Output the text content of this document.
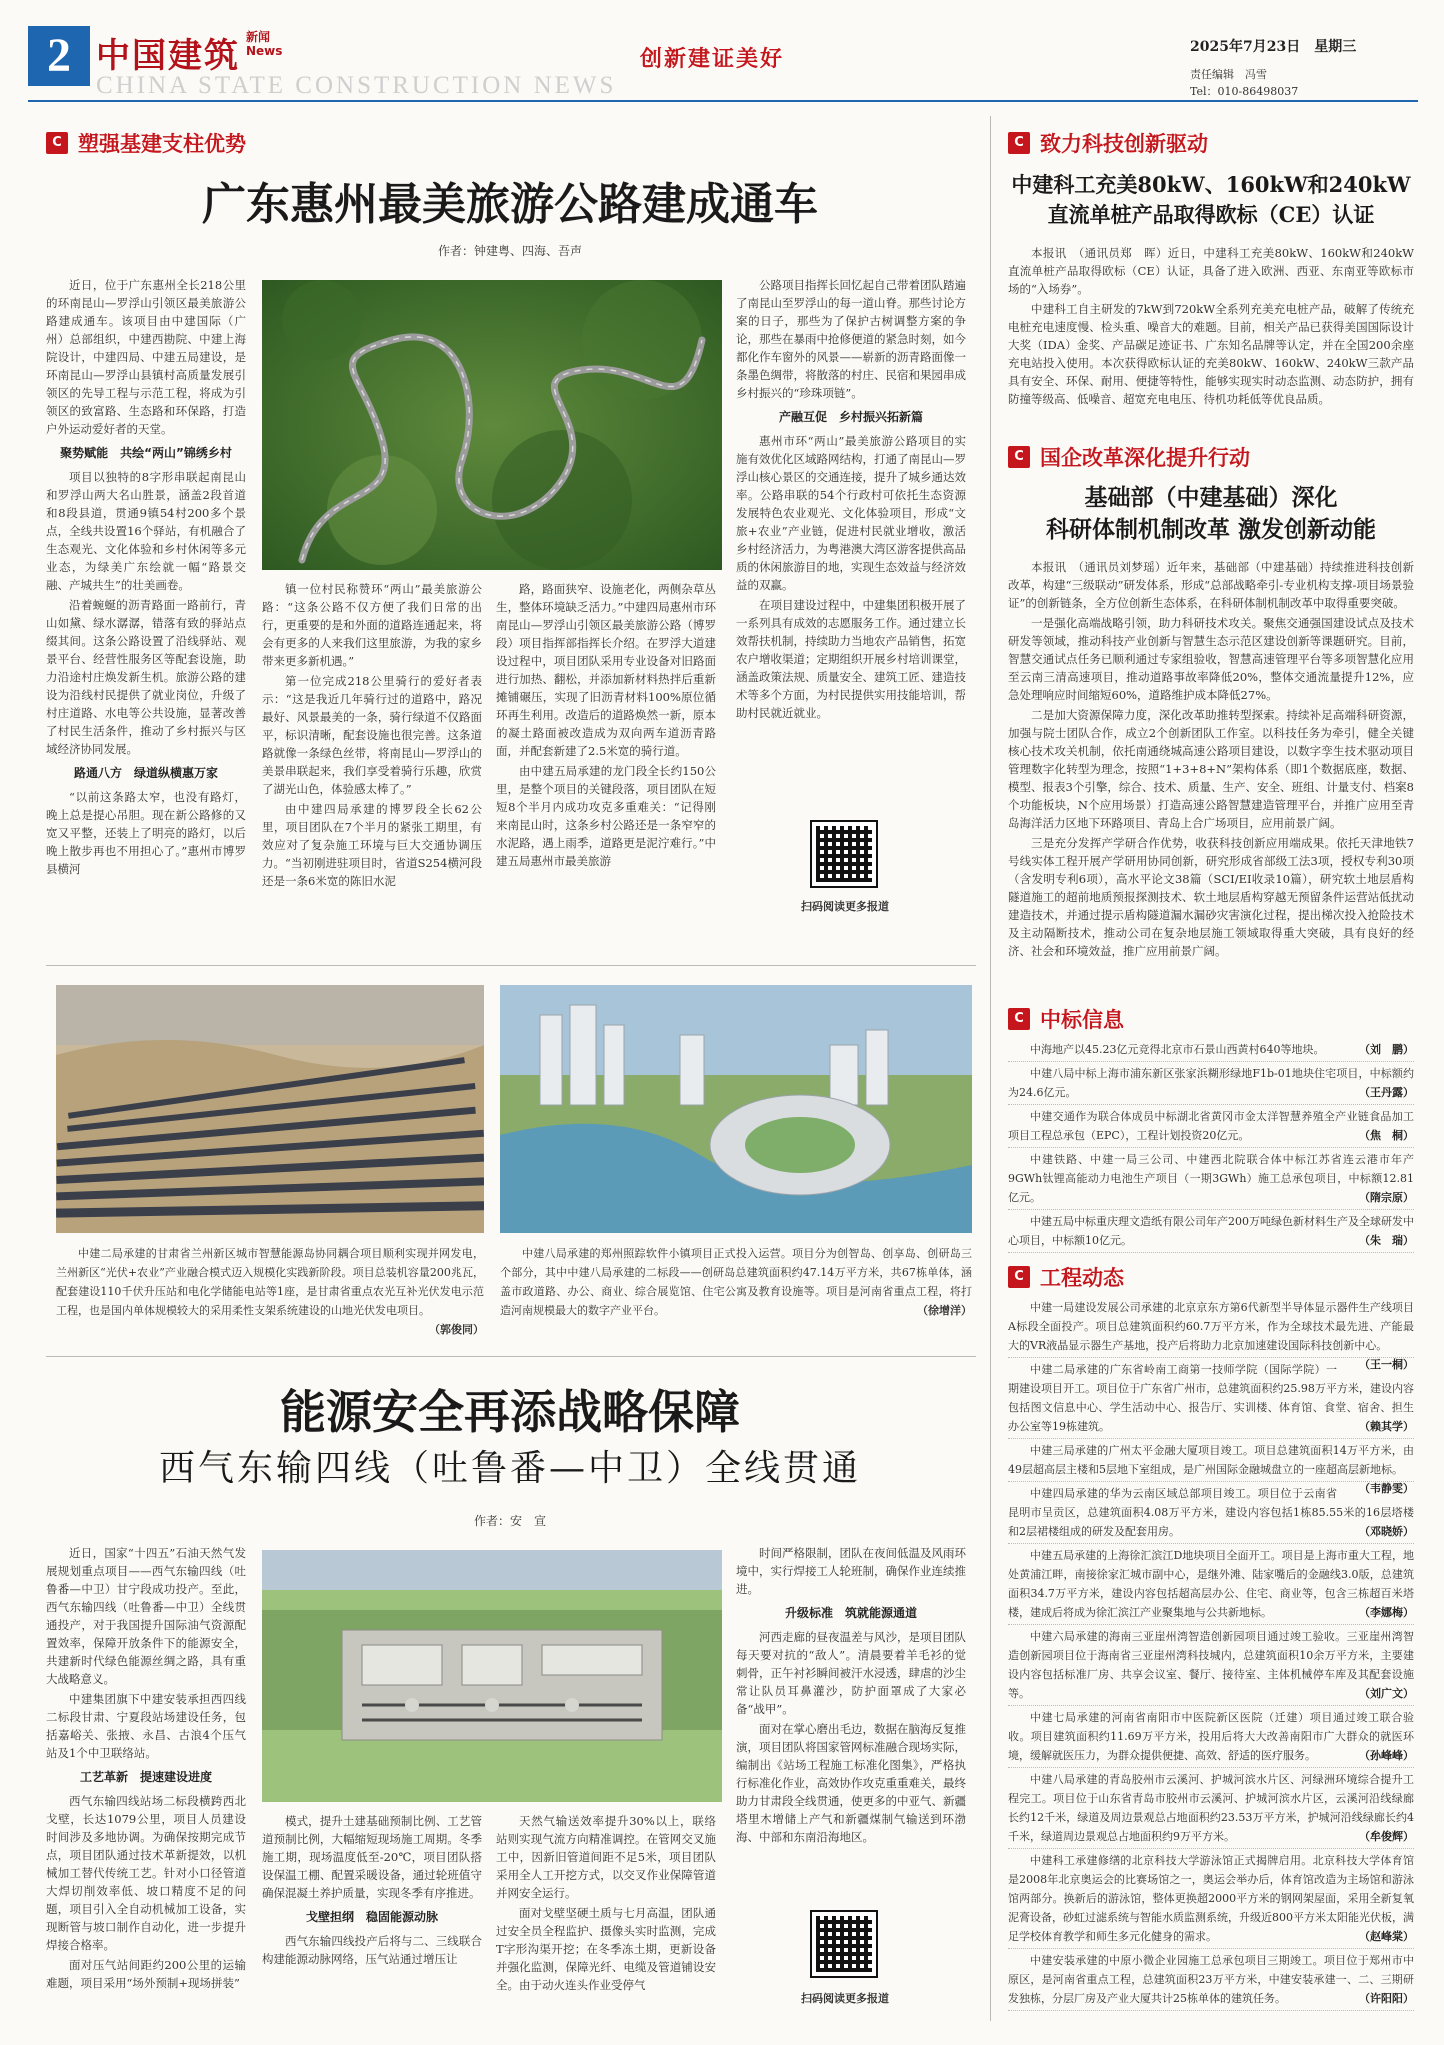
2 中国建筑 新闻 News
CHINA STATE CONSTRUCTION NEWS
创新建证美好	2025年7月23日　星期三
责任编辑　冯雪
Tel：010-86498037
C 塑强基建支柱优势
广东惠州最美旅游公路建成通车
作者：钟建粤、四海、吾声

近日，位于广东惠州全长218公里的环南昆山—罗浮山引领区最美旅游公路建成通车。该项目由中建国际（广州）总部组织，中建西勘院、中建上海院设计，中建四局、中建五局建设，是环南昆山—罗浮山县镇村高质量发展引领区的先导工程与示范工程，将成为引领区的致富路、生态路和环保路，打造户外运动爱好者的天堂。

聚势赋能　共绘“两山”锦绣乡村

项目以独特的8字形串联起南昆山和罗浮山两大名山胜景，涵盖2段首道和8段县道，贯通9镇54村200多个景点，全线共设置16个驿站，有机融合了生态观光、文化体验和乡村休闲等多元业态，为绿美广东绘就一幅“路景交融、产城共生”的壮美画卷。

沿着蜿蜒的沥青路面一路前行，青山如黛、绿水潺潺，错落有致的驿站点缀其间。这条公路设置了沿线驿站、观景平台、经营性服务区等配套设施，助力沿途村庄焕发新生机。旅游公路的建设为沿线村民提供了就业岗位，升级了村庄道路、水电等公共设施，显著改善了村民生活条件，推动了乡村振兴与区域经济协同发展。

路通八方　绿道纵横惠万家

“以前这条路太窄，也没有路灯，晚上总是提心吊胆。现在新公路修的又宽又平整，还装上了明亮的路灯，以后晚上散步再也不用担心了。”惠州市博罗县横河

镇一位村民称赞环“两山”最美旅游公路：“这条公路不仅方便了我们日常的出行，更重要的是和外面的道路连通起来，将会有更多的人来我们这里旅游，为我的家乡带来更多新机遇。”

第一位完成218公里骑行的爱好者表示：“这是我近几年骑行过的道路中，路况最好、风景最美的一条，骑行绿道不仅路面平，标识清晰，配套设施也很完善。这条道路就像一条绿色丝带，将南昆山—罗浮山的美景串联起来，我们享受着骑行乐趣，欣赏了湖光山色，体验感太棒了。”

由中建四局承建的博罗段全长62公里，项目团队在7个半月的紧张工期里，有效应对了复杂施工环境与巨大交通协调压力。“当初刚进驻项目时，省道S254横河段还是一条6米宽的陈旧水泥

路，路面狭窄、设施老化，两侧杂草丛生，整体环境缺乏活力。”中建四局惠州市环南昆山—罗浮山引领区最美旅游公路（博罗段）项目指挥部指挥长介绍。在罗浮大道建设过程中，项目团队采用专业设备对旧路面进行加热、翻松，并添加新材料热拌后重新摊铺碾压，实现了旧沥青材料100%原位循环再生利用。改造后的道路焕然一新，原本的凝土路面被改造成为双向两车道沥青路面，并配套新建了2.5米宽的骑行道。

由中建五局承建的龙门段全长约150公里，是整个项目的关键段落，项目团队在短短8个半月内成功攻克多重难关：“记得刚来南昆山时，这条乡村公路还是一条窄窄的水泥路，遇上雨季，道路更是泥泞难行。”中建五局惠州市最美旅游

公路项目指挥长回忆起自己带着团队踏遍了南昆山至罗浮山的每一道山脊。那些讨论方案的日子，那些为了保护古树调整方案的争论，那些在暴雨中抢修便道的紧急时刻，如今都化作车窗外的风景——崭新的沥青路面像一条墨色绸带，将散落的村庄、民宿和果园串成乡村振兴的“珍珠项链”。

产融互促　乡村振兴拓新篇

惠州市环“两山”最美旅游公路项目的实施有效优化区域路网结构，打通了南昆山—罗浮山核心景区的交通连接，提升了城乡通达效率。公路串联的54个行政村可依托生态资源发展特色农业观光、文化体验项目，形成“文旅+农业”产业链，促进村民就业增收，激活乡村经济活力，为粤港澳大湾区游客提供高品质的休闲旅游目的地，实现生态效益与经济效益的双赢。

在项目建设过程中，中建集团积极开展了一系列具有成效的志愿服务工作。通过建立长效帮扶机制，持续助力当地农产品销售，拓宽农户增收渠道；定期组织开展乡村培训课堂，涵盖政策法规、质量安全、建筑工匠、建造技术等多个方面，为村民提供实用技能培训，帮助村民就近就业。

扫码阅读更多报道

中建二局承建的甘肃省兰州新区城市智慧能源岛协同耦合项目顺利实现并网发电，兰州新区“光伏+农业”产业融合模式迈入规模化实践新阶段。项目总装机容量200兆瓦，配套建设110千伏升压站和电化学储能电站等1座，是甘肃省重点农光互补光伏发电示范工程，也是国内单体规模较大的采用柔性支架系统建设的山地光伏发电项目。
（郭俊同）

中建八局承建的郑州照踪软件小镇项目正式投入运营。项目分为创智岛、创享岛、创研岛三个部分，其中中建八局承建的二标段——创研岛总建筑面积约47.14万平方米，共67栋单体，涵盖市政道路、办公、商业、综合展览馆、住宅公寓及教育设施等。项目是河南省重点工程，将打造河南规模最大的数字产业平台。	（徐增洋）

能源安全再添战略保障
西气东输四线（吐鲁番—中卫）全线贯通
作者：安　宣

近日，国家“十四五”石油天然气发展规划重点项目——西气东输四线（吐鲁番—中卫）甘宁段成功投产。至此，西气东输四线（吐鲁番—中卫）全线贯通投产，对于我国提升国际油气资源配置效率，保障开放条件下的能源安全，共建新时代绿色能源丝绸之路，具有重大战略意义。

中建集团旗下中建安装承担西四线二标段甘肃、宁夏段站场建设任务，包括嘉峪关、张掖、永昌、古浪4个压气站及1个中卫联络站。

工艺革新　提速建设进度

西气东输四线站场二标段横跨西北戈壁，长达1079公里，项目人员建设时间涉及多地协调。为确保按期完成节点，项目团队通过技术革新提效，以机械加工替代传统工艺。针对小口径管道大焊切削效率低、坡口精度不足的问题，项目引入全自动机械加工设备，实现断管与坡口制作自动化，进一步提升焊接合格率。

面对压气站间距约200公里的运输难题，项目采用“场外预制+现场拼装”

模式，提升土建基础预制比例、工艺管道预制比例，大幅缩短现场施工周期。冬季施工期，现场温度低至-20℃，项目团队搭设保温工棚、配置采暖设备，通过轮班值守确保混凝土养护质量，实现冬季有序推进。

戈壁担纲　稳固能源动脉

西气东输四线投产后将与二、三线联合构建能源动脉网络，压气站通过增压让

天然气输送效率提升30%以上，联络站则实现气流方向精准调控。在管网交叉施工中，因新旧管道间距不足5米，项目团队采用全人工开挖方式，以交叉作业保障管道并网安全运行。

面对戈壁坚硬土质与七月高温，团队通过安全员全程监护、摄像头实时监测，完成T字形沟渠开挖；在冬季冻土期，更新设备并强化监测，保障光纤、电缆及管道铺设安全。由于动火连头作业受停气

时间严格限制，团队在夜间低温及风雨环境中，实行焊接工人轮班制，确保作业连续推进。

升级标准　筑就能源通道

河西走廊的昼夜温差与风沙，是项目团队每天要对抗的“敌人”。清晨要着羊毛衫的觉刺骨，正午衬衫瞬间被汗水浸透，肆虐的沙尘常让队员耳鼻灌沙，防护面罩成了大家必备“战甲”。

面对在掌心磨出毛边，数据在脑海反复推演，项目团队将国家管网标准融合现场实际，编制出《站场工程施工标准化图集》，严格执行标准化作业，高效协作攻克重重难关，最终助力甘肃段全线贯通，使更多的中亚气、新疆塔里木增储上产气和新疆煤制气输送到环渤海、中部和东南沿海地区。

扫码阅读更多报道
C 致力科技创新驱动
中建科工充美80kW、160kW和240kW
直流单桩产品取得欧标（CE）认证

本报讯　（通讯员郑　晖）近日，中建科工充美80kW、160kW和240kW直流单桩产品取得欧标（CE）认证，具备了进入欧洲、西亚、东南亚等欧标市场的“入场券”。

中建科工自主研发的7kW到720kW全系列充美充电桩产品，破解了传统充电桩充电速度慢、检头重、噪音大的难题。目前，相关产品已获得美国国际设计大奖（IDA）金奖、产品碳足迹证书、广东知名品牌等认定，并在全国200余座充电站投入使用。本次获得欧标认证的充美80kW、160kW、240kW三款产品具有安全、环保、耐用、便捷等特性，能够实现实时动态监测、动态防护，拥有防撞等级高、低噪音、超宽充电电压、待机功耗低等优良品质。

C 国企改革深化提升行动
基础部（中建基础）深化
科研体制机制改革 激发创新动能

本报讯　（通讯员刘梦瑶）近年来，基础部（中建基础）持续推进科技创新改革，构建“三级联动”研发体系，形成“总部战略牵引-专业机构支撑-项目场景验证”的创新链条，全方位创新生态体系，在科研体制机制改革中取得重要突破。

一是强化高端战略引领，助力科研技术攻关。聚焦交通强国建设试点及技术研发等领域，推动科技产业创新与智慧生态示范区建设创新等课题研究。目前，智慧交通试点任务已顺利通过专家组验收，智慧高速管理平台等多项智慧化应用至云南三清高速项目，推动道路事故率降低20%，整体交通流量提升12%，应急处理响应时间缩短60%，道路维护成本降低27%。

二是加大资源保障力度，深化改革助推转型探索。持续补足高端科研资源，加强与院士团队合作，成立2个创新团队工作室。以科技任务为牵引，健全关键核心技术攻关机制，依托南通绕城高速公路项目建设，以数字孪生技术驱动项目管理数字化转型为理念，按照“1+3+8+N”架构体系（即1个数据底座，数据、模型、报表3个引擎，综合、技术、质量、生产、安全、班组、计量支付、档案8个功能板块，N个应用场景）打造高速公路智慧建造管理平台，并推广应用至青岛海洋活力区地下环路项目、青岛上合广场项目，应用前景广阔。

三是充分发挥产学研合作优势，收获科技创新应用端成果。依托天津地铁7号线实体工程开展产学研用协同创新，研究形成省部级工法3项，授权专利30项（含发明专利6项），高水平论文38篇（SCI/EI收录10篇），研究软土地层盾构隧道施工的超前地质预报探测技术、软土地层盾构穿越无预留条件运营站低扰动建造技术，并通过提示盾构隧道漏水漏砂灾害演化过程，提出梯次投入抢险技术及主动隔断技术，推动公司在复杂地层施工领域取得重大突破，具有良好的经济、社会和环境效益，推广应用前景广阔。

C 中标信息

中海地产以45.23亿元竞得北京市石景山西黄村640等地块。	（刘　鹏）

中建八局中标上海市浦东新区张家浜糊形绿地F1b-01地块住宅项目，中标额约为24.6亿元。	（王丹露）

中建交通作为联合体成员中标湖北省黄冈市金太洋智慧养殖全产业链食品加工项目工程总承包（EPC），工程计划投资20亿元。	（焦　桐）

中建铁路、中建一局三公司、中建西北院联合体中标江苏省连云港市年产9GWh钛锂高能动力电池生产项目（一期3GWh）施工总承包项目，中标额12.81亿元。	（隋宗原）

中建五局中标重庆理文造纸有限公司年产200万吨绿色新材料生产及全球研发中心项目，中标额10亿元。	（朱　瑞）

C 工程动态

中建一局建设发展公司承建的北京京东方第6代新型半导体显示器件生产线项目A标段全面投产。项目总建筑面积约60.7万平方米，作为全球技术最先进、产能最大的VR液晶显示器生产基地，投产后将助力北京加速建设国际科技创新中心。
（王一桐）

中建二局承建的广东省岭南工商第一技师学院（国际学院）一期建设项目开工。项目位于广东省广州市，总建筑面积约25.98万平方米，建设内容包括图文信息中心、学生活动中心、报告厅、实训楼、体育馆、食堂、宿舍、担生办公室等19栋建筑。	（赖其学）

中建三局承建的广州太平金融大厦项目竣工。项目总建筑面积14万平方米，由49层超高层主楼和5层地下室组成，是广州国际金融城盘立的一座超高层新地标。
（韦静雯）

中建四局承建的华为云南区域总部项目竣工。项目位于云南省昆明市呈贡区，总建筑面积4.08万平方米，建设内容包括1栋85.55米的16层塔楼和2层裙楼组成的研发及配套用房。	（邓晓娇）

中建五局承建的上海徐汇滨江D地块项目全面开工。项目是上海市重大工程，地处黄浦江畔，南接徐家汇城市副中心，是继外滩、陆家嘴后的金融线3.0版，总建筑面积34.7万平方米，建设内容包括超高层办公、住宅、商业等，包含三栋超百米塔楼，建成后将成为徐汇滨江产业聚集地与公共新地标。	（李娜梅）

中建六局承建的海南三亚崖州湾智造创新园项目通过竣工验收。三亚崖州湾智造创新园项目位于海南省三亚崖州湾科技城内，总建筑面积10余万平方米，主要建设内容包括标准厂房、共享会议室、餐厅、接待室、主体机械停车库及其配套设施等。	（刘广文）

中建七局承建的河南省南阳市中医院新区医院（迁建）项目通过竣工联合验收。项目建筑面积约11.69万平方米，投用后将大大改善南阳市广大群众的就医环境，缓解就医压力，为群众提供便捷、高效、舒适的医疗服务。	（孙峰峰）

中建八局承建的青岛胶州市云溪河、护城河滨水片区、河绿洲环境综合提升工程完工。项目位于山东省青岛市胶州市云溪河、护城河滨水片区，云溪河沿线绿廊长约12千米，绿道及周边景观总占地面积约23.53万平方米，护城河沿线绿廊长约4千米，绿道周边景观总占地面积约9万平方米。	（牟俊辉）

中建科工承建修缮的北京科技大学游泳馆正式揭牌启用。北京科技大学体育馆是2008年北京奥运会的比赛场馆之一，奥运会举办后，体育馆改造为主场馆和游泳馆两部分。换新后的游泳馆，整体更换超2000平方米的钢网架屋面，采用全新复氧泥膏设备，砂虹过滤系统与智能水质监测系统，升级近800平方米太阳能光伏板，满足学校体育教学和师生多元化健身的需求。	（赵峰棠）

中建安装承建的中原小微企业园施工总承包项目三期竣工。项目位于郑州市中原区，是河南省重点工程，总建筑面积23万平方米，中建安装承建一、二、三期研发独栋，分层厂房及产业大厦共计25栋单体的建筑任务。	（许阳阳）
